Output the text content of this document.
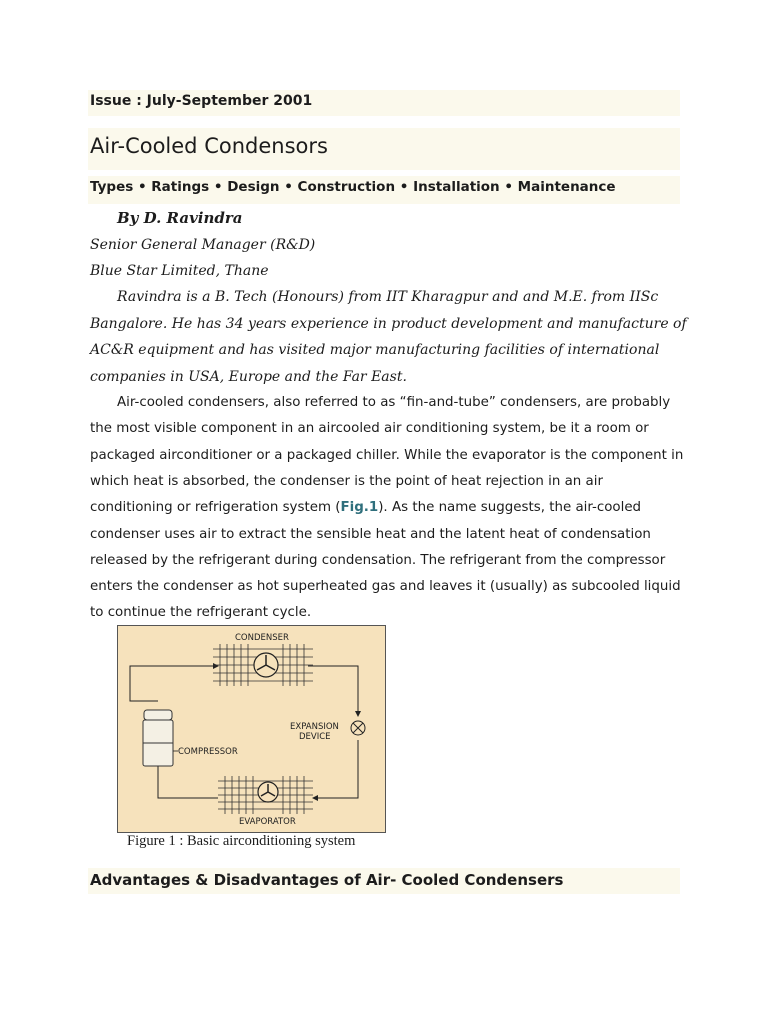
Issue : July-September 2001
Air-Cooled Condensors
Types • Ratings • Design • Construction • Installation • Maintenance
By D. Ravindra
Senior General Manager (R&D)
Blue Star Limited, Thane
Ravindra is a B. Tech (Honours) from IIT Kharagpur and and M.E. from IISc
Bangalore. He has 34 years experience in product development and manufacture of
AC&R equipment and has visited major manufacturing facilities of international
companies in USA, Europe and the Far East.
Air-cooled condensers, also referred to as “fin-and-tube” condensers, are probably
the most visible component in an aircooled air conditioning system, be it a room or
packaged airconditioner or a packaged chiller. While the evaporator is the component in
which heat is absorbed, the condenser is the point of heat rejection in an air
conditioning or refrigeration system (Fig.1). As the name suggests, the air-cooled
condenser uses air to extract the sensible heat and the latent heat of condensation
released by the refrigerant during condensation. The refrigerant from the compressor
enters the condenser as hot superheated gas and leaves it (usually) as subcooled liquid
to continue the refrigerant cycle.
CONDENSER
EXPANSION
DEVICE
COMPRESSOR
EVAPORATOR
Figure 1 : Basic airconditioning system
Advantages & Disadvantages of Air- Cooled Condensers
